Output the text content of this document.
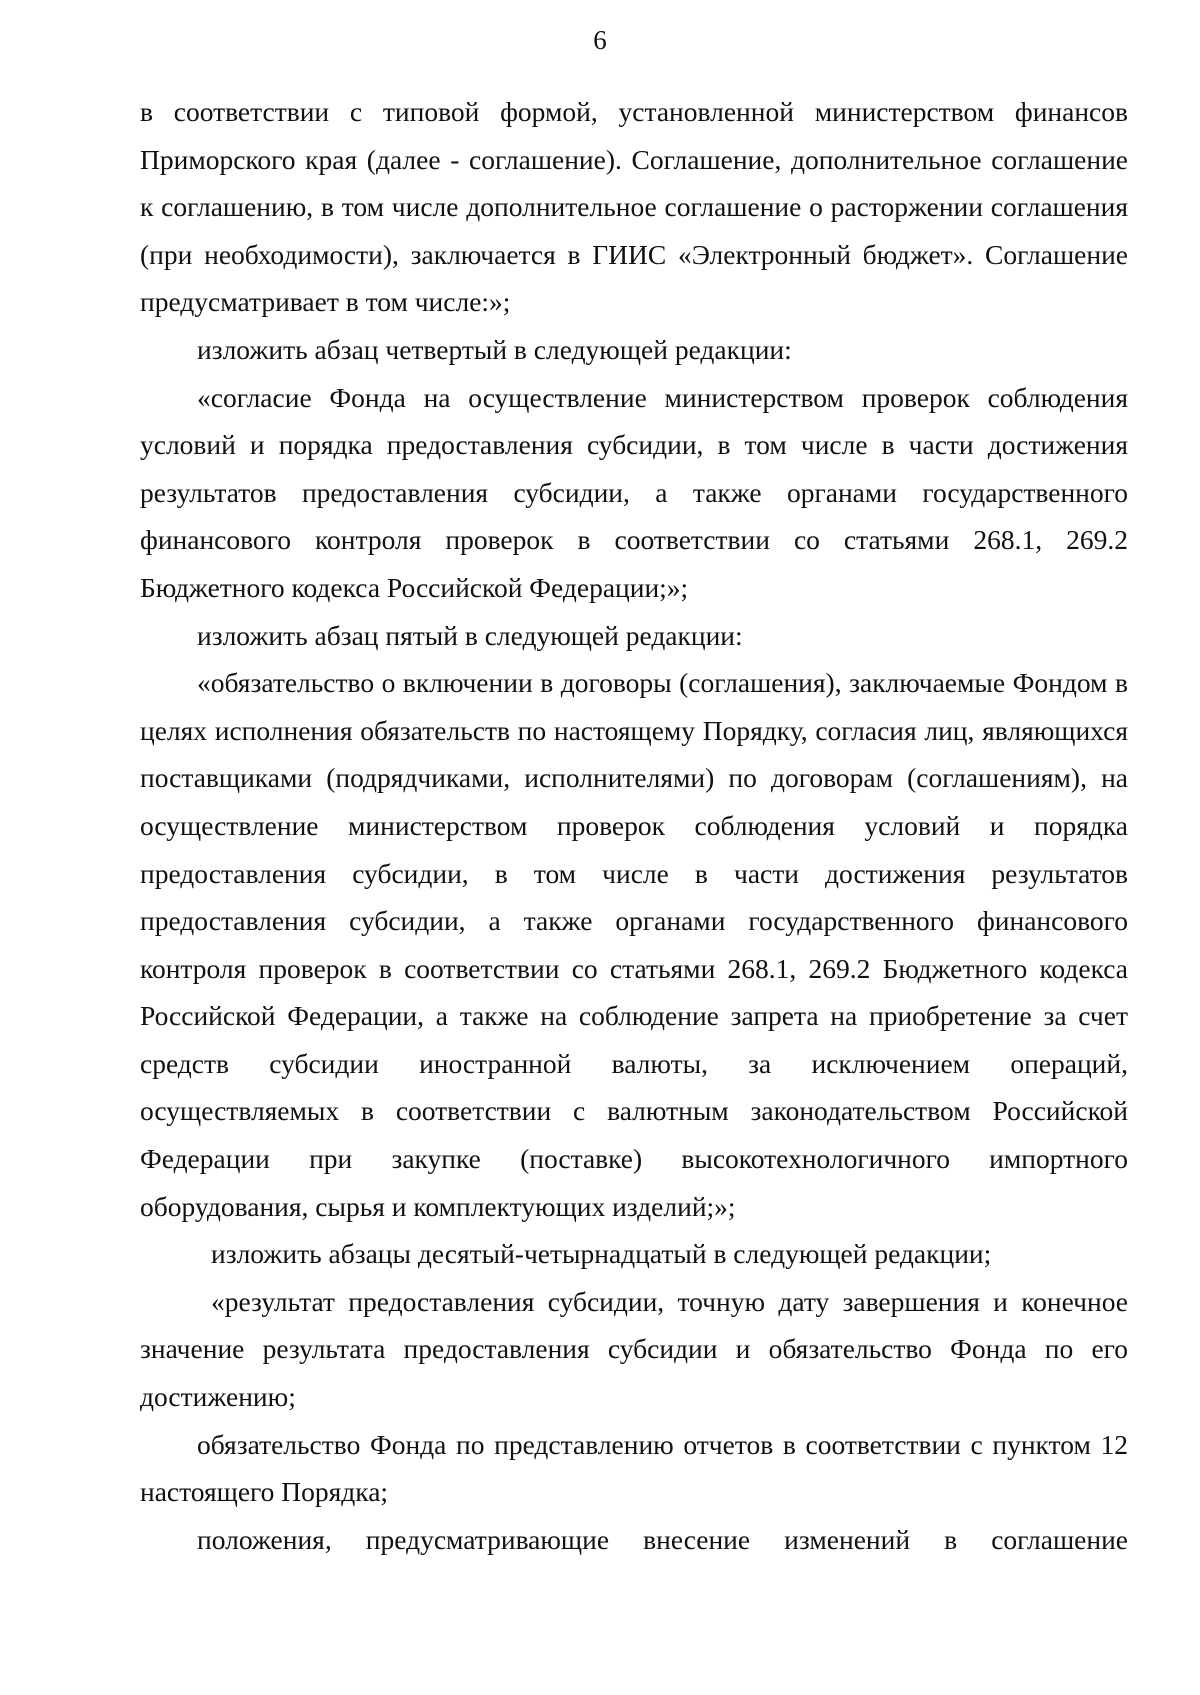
6

в соответствии с типовой формой, установленной министерством финансов Приморского края (далее - соглашение). Соглашение, дополнительное соглашение к соглашению, в том числе дополнительное соглашение о расторжении соглашения (при необходимости), заключается в ГИИС «Электронный бюджет». Соглашение предусматривает в том числе:»;

изложить абзац четвертый в следующей редакции:

«согласие Фонда на осуществление министерством проверок соблюдения условий и порядка предоставления субсидии, в том числе в части достижения результатов предоставления субсидии, а также органами государственного финансового контроля проверок в соответствии со статьями 268.1, 269.2 Бюджетного кодекса Российской Федерации;»;

изложить абзац пятый в следующей редакции:

«обязательство о включении в договоры (соглашения), заключаемые Фондом в целях исполнения обязательств по настоящему Порядку, согласия лиц, являющихся поставщиками (подрядчиками, исполнителями) по договорам (соглашениям), на осуществление министерством проверок соблюдения условий и порядка предоставления субсидии, в том числе в части достижения результатов предоставления субсидии, а также органами государственного финансового контроля проверок в соответствии со статьями 268.1, 269.2 Бюджетного кодекса Российской Федерации, а также на соблюдение запрета на приобретение за счет средств субсидии иностранной валюты, за исключением операций, осуществляемых в соответствии с валютным законодательством Российской Федерации при закупке (поставке) высокотехнологичного импортного оборудования, сырья и комплектующих изделий;»;

изложить абзацы десятый-четырнадцатый в следующей редакции;

«результат предоставления субсидии, точную дату завершения и конечное значение результата предоставления субсидии и обязательство Фонда по его достижению;

обязательство Фонда по представлению отчетов в соответствии с пунктом 12 настоящего Порядка;

положения, предусматривающие внесение изменений в соглашение
